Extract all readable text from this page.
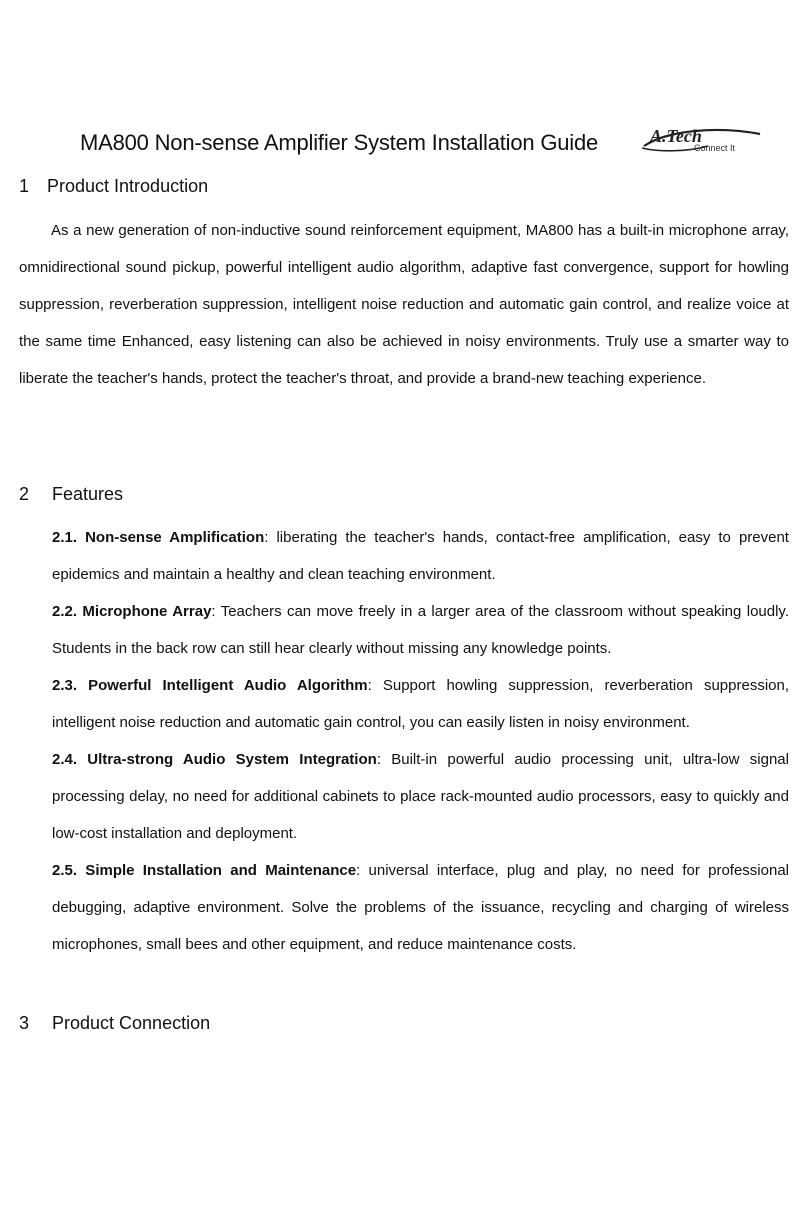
MA800 Non-sense Amplifier System Installation Guide	A.Tech
Connect It
1 Product Introduction

As a new generation of non-inductive sound reinforcement equipment, MA800 has a built-in microphone array, omnidirectional sound pickup, powerful intelligent audio algorithm, adaptive fast convergence, support for howling suppression, reverberation suppression, intelligent noise reduction and automatic gain control, and realize voice at the same time Enhanced, easy listening can also be achieved in noisy environments. Truly use a smarter way to liberate the teacher's hands, protect the teacher's throat, and provide a brand-new teaching experience.

2 Features

2.1. Non-sense Amplification: liberating the teacher's hands, contact-free amplification, easy to prevent epidemics and maintain a healthy and clean teaching environment.

2.2. Microphone Array: Teachers can move freely in a larger area of the classroom without speaking loudly. Students in the back row can still hear clearly without missing any knowledge points.

2.3. Powerful Intelligent Audio Algorithm: Support howling suppression, reverberation suppression, intelligent noise reduction and automatic gain control, you can easily listen in noisy environment.

2.4. Ultra-strong Audio System Integration: Built-in powerful audio processing unit, ultra-low signal processing delay, no need for additional cabinets to place rack-mounted audio processors, easy to quickly and low-cost installation and deployment.

2.5. Simple Installation and Maintenance: universal interface, plug and play, no need for professional debugging, adaptive environment. Solve the problems of the issuance, recycling and charging of wireless microphones, small bees and other equipment, and reduce maintenance costs.

3 Product Connection
